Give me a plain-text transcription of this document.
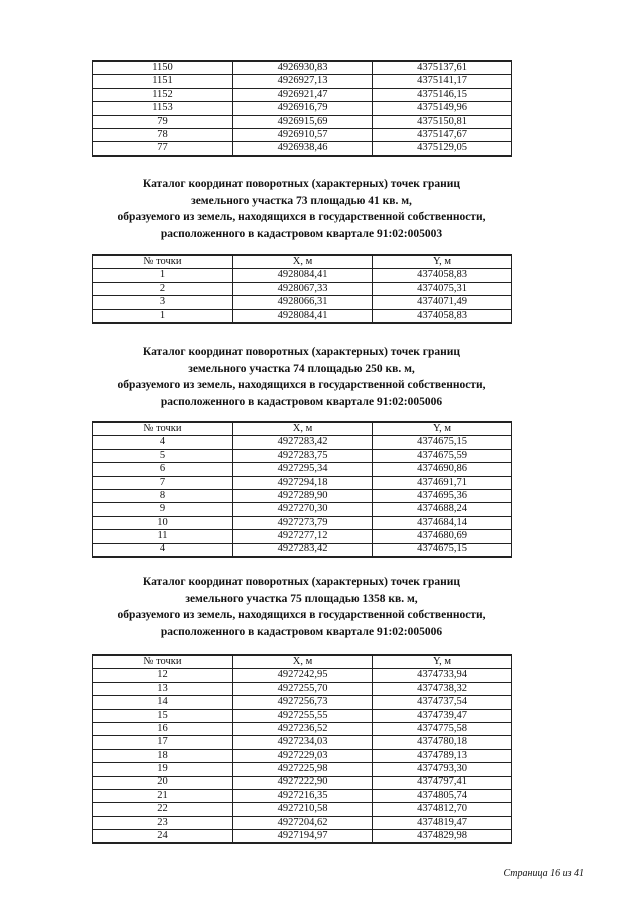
1150	4926930,83	4375137,61
1151	4926927,13	4375141,17
1152	4926921,47	4375146,15
1153	4926916,79	4375149,96
79	4926915,69	4375150,81
78	4926910,57	4375147,67
77	4926938,46	4375129,05
Каталог координат поворотных (характерных) точек границ
земельного участка 73 площадью 41 кв. м,
образуемого из земель, находящихся в государственной собственности,
расположенного в кадастровом квартале 91:02:005003
№ точки	X, м	Y, м
1	4928084,41	4374058,83
2	4928067,33	4374075,31
3	4928066,31	4374071,49
1	4928084,41	4374058,83
Каталог координат поворотных (характерных) точек границ
земельного участка 74 площадью 250 кв. м,
образуемого из земель, находящихся в государственной собственности,
расположенного в кадастровом квартале 91:02:005006
№ точки	X, м	Y, м
4	4927283,42	4374675,15
5	4927283,75	4374675,59
6	4927295,34	4374690,86
7	4927294,18	4374691,71
8	4927289,90	4374695,36
9	4927270,30	4374688,24
10	4927273,79	4374684,14
11	4927277,12	4374680,69
4	4927283,42	4374675,15
Каталог координат поворотных (характерных) точек границ
земельного участка 75 площадью 1358 кв. м,
образуемого из земель, находящихся в государственной собственности,
расположенного в кадастровом квартале 91:02:005006
№ точки	X, м	Y, м
12	4927242,95	4374733,94
13	4927255,70	4374738,32
14	4927256,73	4374737,54
15	4927255,55	4374739,47
16	4927236,52	4374775,58
17	4927234,03	4374780,18
18	4927229,03	4374789,13
19	4927225,98	4374793,30
20	4927222,90	4374797,41
21	4927216,35	4374805,74
22	4927210,58	4374812,70
23	4927204,62	4374819,47
24	4927194,97	4374829,98
Страница 16 из 41
